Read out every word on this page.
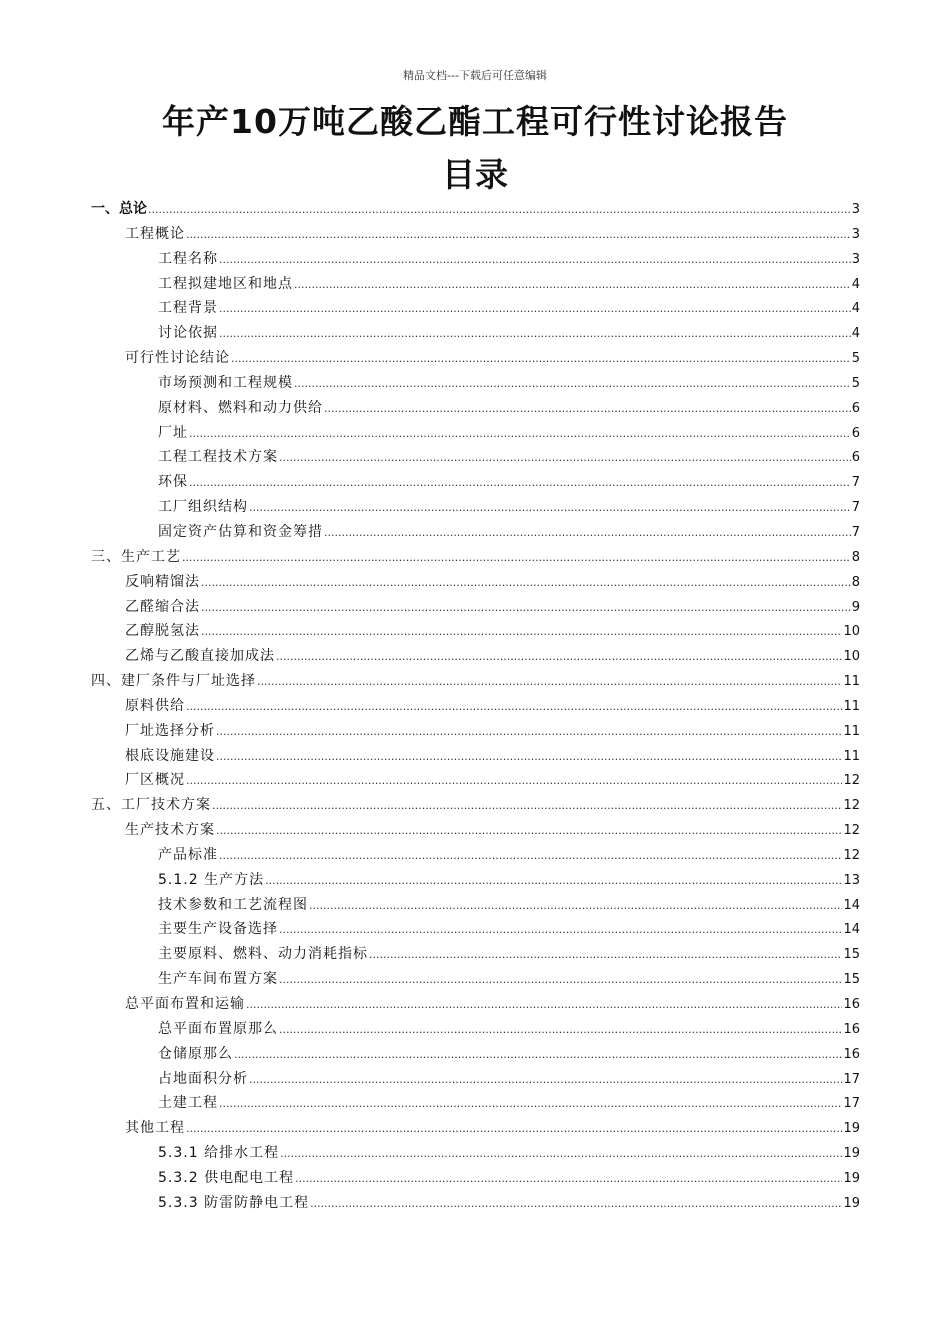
精品文档---下载后可任意编辑
年产10万吨乙酸乙酯工程可行性讨论报告
目录
一、总论 .....	3
工程概论 .....	3
工程名称 .....	3
工程拟建地区和地点 .....	4
工程背景 .....	4
讨论依据 .....	4
可行性讨论结论 .....	5
市场预测和工程规模 .....	5
原材料、燃料和动力供给 .....	6
厂址 .....	6
工程工程技术方案 .....	6
环保 .....	7
工厂组织结构 .....	7
固定资产估算和资金筹措 .....	7
三、生产工艺 .....	8
反响精馏法 .....	8
乙醛缩合法 .....	9
乙醇脱氢法 .....	10
乙烯与乙酸直接加成法 .....	10
四、建厂条件与厂址选择 .....	11
原料供给 .....	11
厂址选择分析 .....	11
根底设施建设 .....	11
厂区概况 .....	12
五、工厂技术方案 .....	12
生产技术方案 .....	12
产品标准 .....	12
5.1.2 生产方法 .....	13
技术参数和工艺流程图 .....	14
主要生产设备选择 .....	14
主要原料、燃料、动力消耗指标 .....	15
生产车间布置方案 .....	15
总平面布置和运输 .....	16
总平面布置原那么 .....	16
仓储原那么 .....	16
占地面积分析 .....	17
土建工程 .....	17
其他工程 .....	19
5.3.1 给排水工程 .....	19
5.3.2 供电配电工程 .....	19
5.3.3 防雷防静电工程 .....	19
